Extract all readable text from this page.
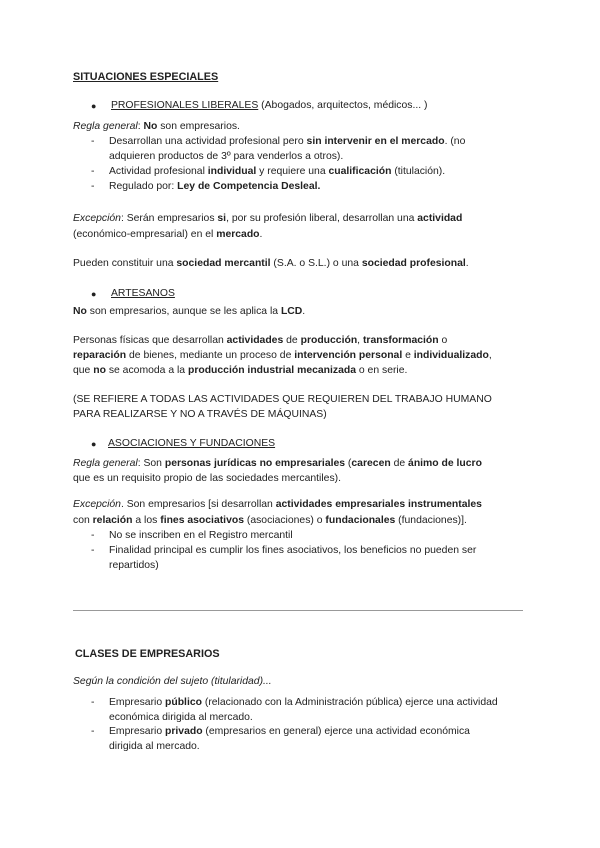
SITUACIONES ESPECIALES
● PROFESIONALES LIBERALES (Abogados, arquitectos, médicos... )
Regla general: No son empresarios.
- Desarrollan una actividad profesional pero sin intervenir en el mercado. (no
adquieren productos de 3º para venderlos a otros).
- Actividad profesional individual y requiere una cualificación (titulación).
- Regulado por: Ley de Competencia Desleal.
Excepción: Serán empresarios si, por su profesión liberal, desarrollan una actividad
(económico-empresarial) en el mercado.
Pueden constituir una sociedad mercantil (S.A. o S.L.) o una sociedad profesional.
● ARTESANOS
No son empresarios, aunque se les aplica la LCD.
Personas físicas que desarrollan actividades de producción, transformación o
reparación de bienes, mediante un proceso de intervención personal e individualizado,
que no se acomoda a la producción industrial mecanizada o en serie.
(SE REFIERE A TODAS LAS ACTIVIDADES QUE REQUIEREN DEL TRABAJO HUMANO
PARA REALIZARSE Y NO A TRAVÉS DE MÁQUINAS)
● ASOCIACIONES Y FUNDACIONES
Regla general: Son personas jurídicas no empresariales (carecen de ánimo de lucro
que es un requisito propio de las sociedades mercantiles).
Excepción. Son empresarios [si desarrollan actividades empresariales instrumentales
con relación a los fines asociativos (asociaciones) o fundacionales (fundaciones)].
- No se inscriben en el Registro mercantil
- Finalidad principal es cumplir los fines asociativos, los beneficios no pueden ser
repartidos)
CLASES DE EMPRESARIOS
Según la condición del sujeto (titularidad)...
- Empresario público (relacionado con la Administración pública) ejerce una actividad
económica dirigida al mercado.
- Empresario privado (empresarios en general) ejerce una actividad económica
dirigida al mercado.
